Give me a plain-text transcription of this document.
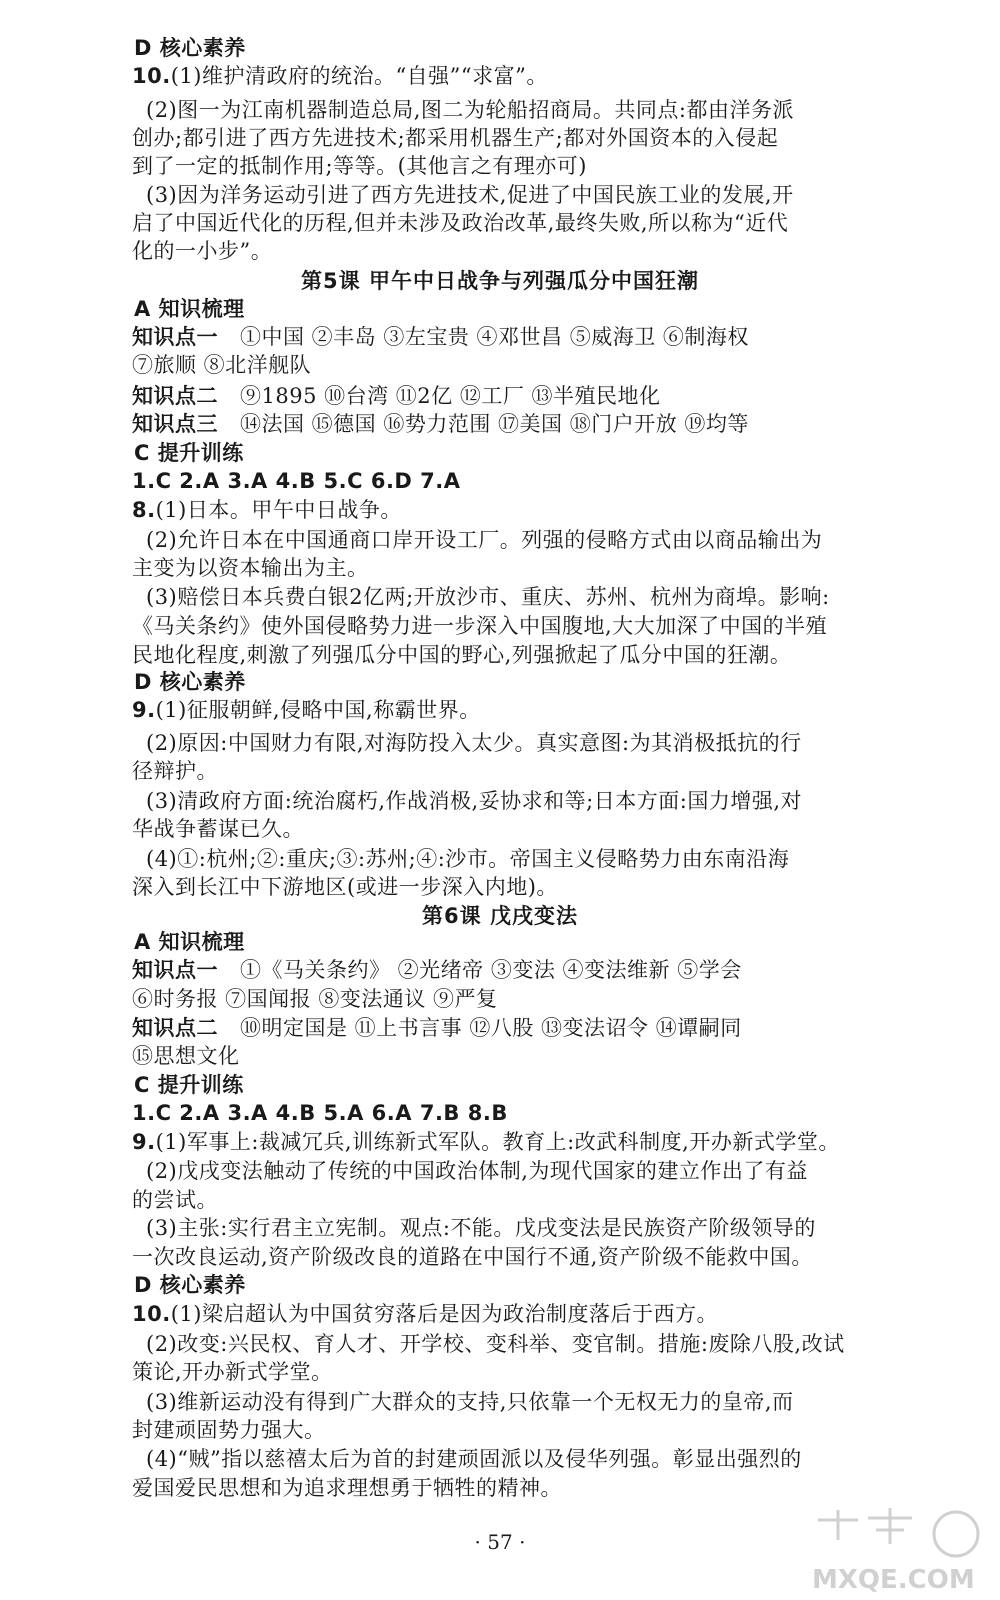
D 核心素养
10.(1)维护清政府的统治。“自强”“求富”。
(2)图一为江南机器制造总局,图二为轮船招商局。共同点:都由洋务派
创办;都引进了西方先进技术;都采用机器生产;都对外国资本的入侵起
到了一定的抵制作用;等等。(其他言之有理亦可)
(3)因为洋务运动引进了西方先进技术,促进了中国民族工业的发展,开
启了中国近代化的历程,但并未涉及政治改革,最终失败,所以称为“近代
化的一小步”。
第5课 甲午中日战争与列强瓜分中国狂潮
A 知识梳理
知识点一 ①中国 ②丰岛 ③左宝贵 ④邓世昌 ⑤威海卫 ⑥制海权
⑦旅顺 ⑧北洋舰队
知识点二 ⑨1895 ⑩台湾 ⑪2亿 ⑫工厂 ⑬半殖民地化
知识点三 ⑭法国 ⑮德国 ⑯势力范围 ⑰美国 ⑱门户开放 ⑲均等
C 提升训练
1.C 2.A 3.A 4.B 5.C 6.D 7.A
8.(1)日本。甲午中日战争。
(2)允许日本在中国通商口岸开设工厂。列强的侵略方式由以商品输出为
主变为以资本输出为主。
(3)赔偿日本兵费白银2亿两;开放沙市、重庆、苏州、杭州为商埠。影响:
《马关条约》使外国侵略势力进一步深入中国腹地,大大加深了中国的半殖
民地化程度,刺激了列强瓜分中国的野心,列强掀起了瓜分中国的狂潮。
D 核心素养
9.(1)征服朝鲜,侵略中国,称霸世界。
(2)原因:中国财力有限,对海防投入太少。真实意图:为其消极抵抗的行
径辩护。
(3)清政府方面:统治腐朽,作战消极,妥协求和等;日本方面:国力增强,对
华战争蓄谋已久。
(4)①:杭州;②:重庆;③:苏州;④:沙市。帝国主义侵略势力由东南沿海
深入到长江中下游地区(或进一步深入内地)。
第6课 戊戌变法
A 知识梳理
知识点一 ①《马关条约》 ②光绪帝 ③变法 ④变法维新 ⑤学会
⑥时务报 ⑦国闻报 ⑧变法通议 ⑨严复
知识点二 ⑩明定国是 ⑪上书言事 ⑫八股 ⑬变法诏令 ⑭谭嗣同
⑮思想文化
C 提升训练
1.C 2.A 3.A 4.B 5.A 6.A 7.B 8.B
9.(1)军事上:裁减冗兵,训练新式军队。教育上:改武科制度,开办新式学堂。
(2)戊戌变法触动了传统的中国政治体制,为现代国家的建立作出了有益
的尝试。
(3)主张:实行君主立宪制。观点:不能。戊戌变法是民族资产阶级领导的
一次改良运动,资产阶级改良的道路在中国行不通,资产阶级不能救中国。
D 核心素养
10.(1)梁启超认为中国贫穷落后是因为政治制度落后于西方。
(2)改变:兴民权、育人才、开学校、变科举、变官制。措施:废除八股,改试
策论,开办新式学堂。
(3)维新运动没有得到广大群众的支持,只依靠一个无权无力的皇帝,而
封建顽固势力强大。
(4)“贼”指以慈禧太后为首的封建顽固派以及侵华列强。彰显出强烈的
爱国爱民思想和为追求理想勇于牺牲的精神。
· 57 ·
MXQE.COM
